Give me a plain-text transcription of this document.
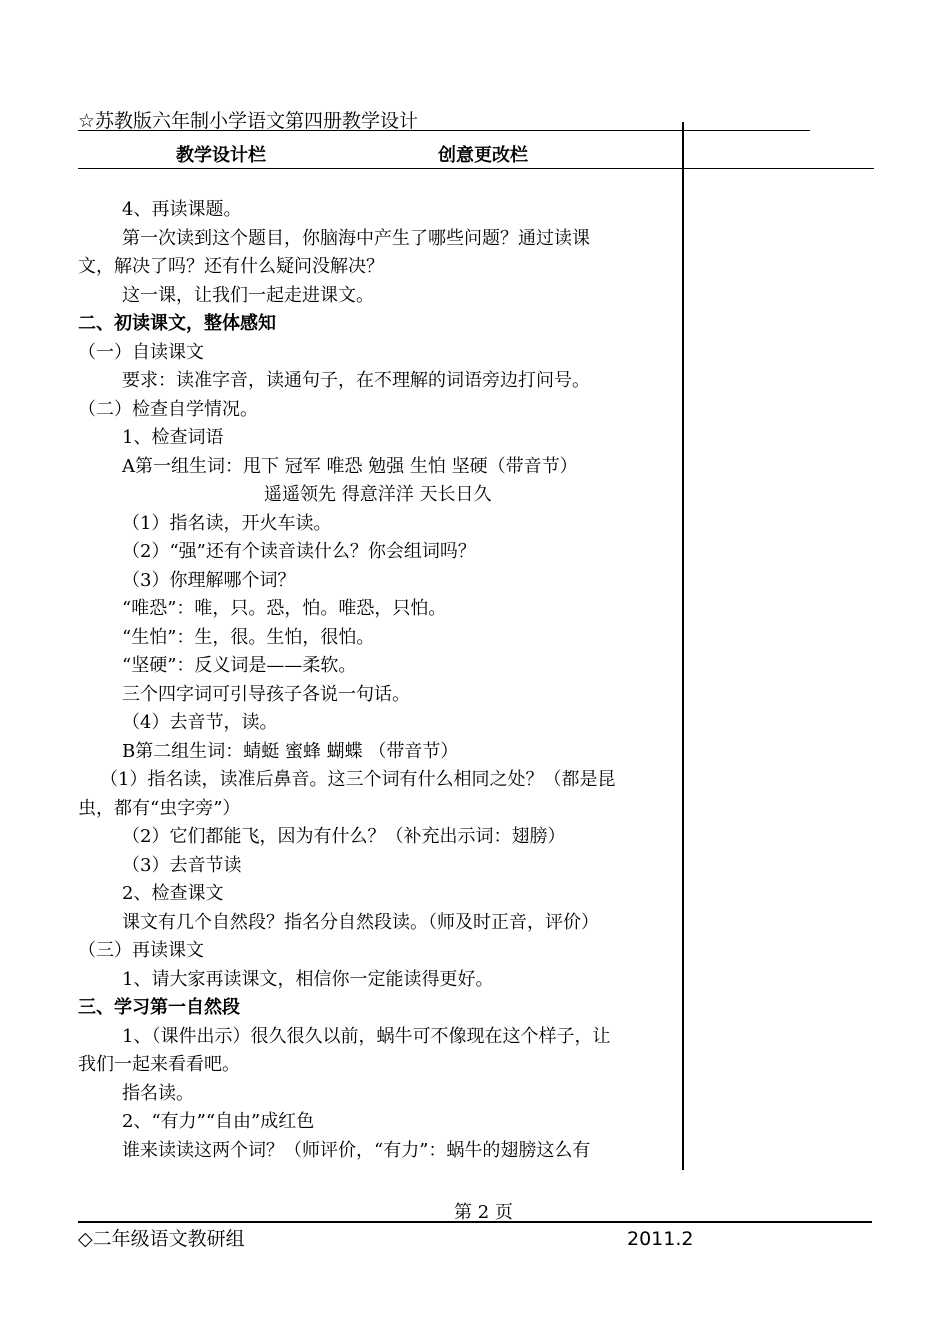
☆苏教版六年制小学语文第四册教学设计
教学设计栏	创意更改栏
4、再读课题。
第一次读到这个题目，你脑海中产生了哪些问题？通过读课
文，解决了吗？还有什么疑问没解决？
这一课，让我们一起走进课文。
二、初读课文，整体感知
（一）自读课文
要求：读准字音，读通句子，在不理解的词语旁边打问号。
（二）检查自学情况。
1、检查词语
A第一组生词：甩下 冠军 唯恐 勉强 生怕 坚硬（带音节）
遥遥领先 得意洋洋 天长日久
（1）指名读，开火车读。
（2）“强”还有个读音读什么？你会组词吗？
（3）你理解哪个词？
“唯恐”：唯，只。恐，怕。唯恐，只怕。
“生怕”：生，很。生怕，很怕。
“坚硬”：反义词是——柔软。
三个四字词可引导孩子各说一句话。
（4）去音节，读。
B第二组生词：蜻蜓 蜜蜂 蝴蝶 （带音节）
（1）指名读，读准后鼻音。这三个词有什么相同之处？（都是昆
虫，都有“虫字旁”）
（2）它们都能飞，因为有什么？（补充出示词：翅膀）
（3）去音节读
2、检查课文
课文有几个自然段？指名分自然段读。（师及时正音，评价）
（三）再读课文
1、请大家再读课文，相信你一定能读得更好。
三、学习第一自然段
1、（课件出示）很久很久以前，蜗牛可不像现在这个样子，让
我们一起来看看吧。
指名读。
2、“有力”“自由”成红色
谁来读读这两个词？（师评价，“有力”：蜗牛的翅膀这么有
第 2 页
◇二年级语文教研组	2011.2
